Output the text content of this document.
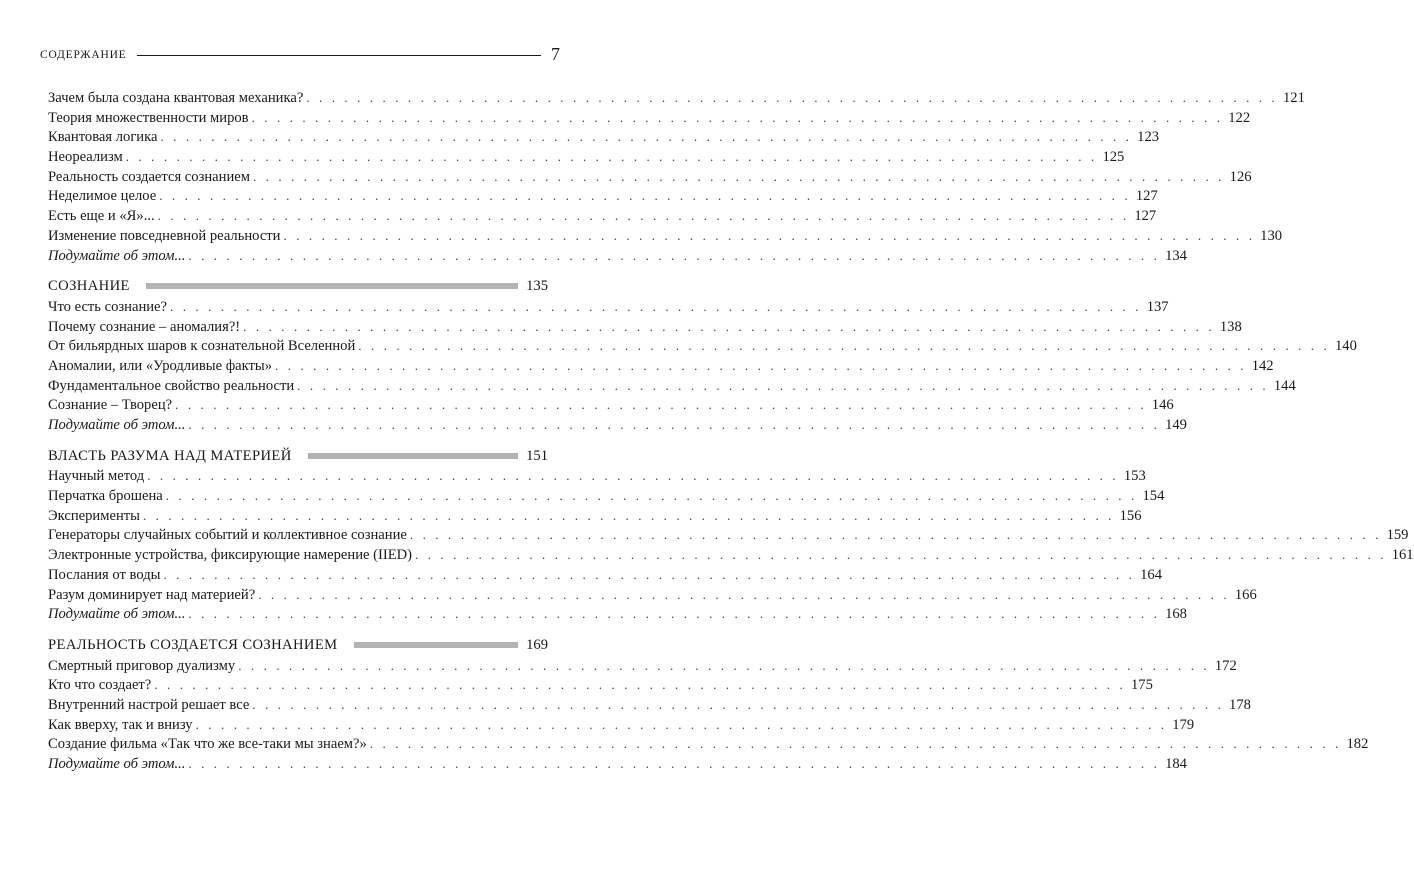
СОДЕРЖАНИЕ	7
Зачем была создана квантовая механика? . . . . . . . . . . . . . . . . . . . . . . . . . . . . . . . . . . . . . . . . . . . . . . . . . . . . . . . . . . . . . . . . . . . . . . . . . . . . . 121
Теория множественности миров . . . . . . . . . . . . . . . . . . . . . . . . . . . . . . . . . . . . . . . . . . . . . . . . . . . . . . . . . . . . . . . . . . . . . . . . . . . . . 122
Квантовая логика . . . . . . . . . . . . . . . . . . . . . . . . . . . . . . . . . . . . . . . . . . . . . . . . . . . . . . . . . . . . . . . . . . . . . . . . . . . . . 123
Неореализм . . . . . . . . . . . . . . . . . . . . . . . . . . . . . . . . . . . . . . . . . . . . . . . . . . . . . . . . . . . . . . . . . . . . . . . . . . . . . 125
Реальность создается сознанием . . . . . . . . . . . . . . . . . . . . . . . . . . . . . . . . . . . . . . . . . . . . . . . . . . . . . . . . . . . . . . . . . . . . . . . . . . . . . 126
Неделимое целое . . . . . . . . . . . . . . . . . . . . . . . . . . . . . . . . . . . . . . . . . . . . . . . . . . . . . . . . . . . . . . . . . . . . . . . . . . . . . 127
Есть еще и «Я»... . . . . . . . . . . . . . . . . . . . . . . . . . . . . . . . . . . . . . . . . . . . . . . . . . . . . . . . . . . . . . . . . . . . . . . . . . . . . . 127
Изменение повседневной реальности . . . . . . . . . . . . . . . . . . . . . . . . . . . . . . . . . . . . . . . . . . . . . . . . . . . . . . . . . . . . . . . . . . . . . . . . . . . . . 130
Подумайте об этом... . . . . . . . . . . . . . . . . . . . . . . . . . . . . . . . . . . . . . . . . . . . . . . . . . . . . . . . . . . . . . . . . . . . . . . . . . . . . . 134
СОЗНАНИЕ	135
Что есть сознание? . . . . . . . . . . . . . . . . . . . . . . . . . . . . . . . . . . . . . . . . . . . . . . . . . . . . . . . . . . . . . . . . . . . . . . . . . . . . . 137
Почему сознание – аномалия?! . . . . . . . . . . . . . . . . . . . . . . . . . . . . . . . . . . . . . . . . . . . . . . . . . . . . . . . . . . . . . . . . . . . . . . . . . . . . . 138
От бильярдных шаров к сознательной Вселенной . . . . . . . . . . . . . . . . . . . . . . . . . . . . . . . . . . . . . . . . . . . . . . . . . . . . . . . . . . . . . . . . . . . . . . . . . . . . . 140
Аномалии, или «Уродливые факты» . . . . . . . . . . . . . . . . . . . . . . . . . . . . . . . . . . . . . . . . . . . . . . . . . . . . . . . . . . . . . . . . . . . . . . . . . . . . . 142
Фундаментальное свойство реальности . . . . . . . . . . . . . . . . . . . . . . . . . . . . . . . . . . . . . . . . . . . . . . . . . . . . . . . . . . . . . . . . . . . . . . . . . . . . . 144
Сознание – Творец? . . . . . . . . . . . . . . . . . . . . . . . . . . . . . . . . . . . . . . . . . . . . . . . . . . . . . . . . . . . . . . . . . . . . . . . . . . . . . 146
Подумайте об этом... . . . . . . . . . . . . . . . . . . . . . . . . . . . . . . . . . . . . . . . . . . . . . . . . . . . . . . . . . . . . . . . . . . . . . . . . . . . . . 149
ВЛАСТЬ РАЗУМА НАД МАТЕРИЕЙ	151
Научный метод . . . . . . . . . . . . . . . . . . . . . . . . . . . . . . . . . . . . . . . . . . . . . . . . . . . . . . . . . . . . . . . . . . . . . . . . . . . . . 153
Перчатка брошена . . . . . . . . . . . . . . . . . . . . . . . . . . . . . . . . . . . . . . . . . . . . . . . . . . . . . . . . . . . . . . . . . . . . . . . . . . . . . 154
Эксперименты . . . . . . . . . . . . . . . . . . . . . . . . . . . . . . . . . . . . . . . . . . . . . . . . . . . . . . . . . . . . . . . . . . . . . . . . . . . . . 156
Генераторы случайных событий и коллективное сознание . . . . . . . . . . . . . . . . . . . . . . . . . . . . . . . . . . . . . . . . . . . . . . . . . . . . . . . . . . . . . . . . . . . . . . . . . . . . . 159
Электронные устройства, фиксирующие намерение (IIED) . . . . . . . . . . . . . . . . . . . . . . . . . . . . . . . . . . . . . . . . . . . . . . . . . . . . . . . . . . . . . . . . . . . . . . . . . . . . . 161
Послания от воды . . . . . . . . . . . . . . . . . . . . . . . . . . . . . . . . . . . . . . . . . . . . . . . . . . . . . . . . . . . . . . . . . . . . . . . . . . . . . 164
Разум доминирует над материей? . . . . . . . . . . . . . . . . . . . . . . . . . . . . . . . . . . . . . . . . . . . . . . . . . . . . . . . . . . . . . . . . . . . . . . . . . . . . . 166
Подумайте об этом... . . . . . . . . . . . . . . . . . . . . . . . . . . . . . . . . . . . . . . . . . . . . . . . . . . . . . . . . . . . . . . . . . . . . . . . . . . . . . 168
РЕАЛЬНОСТЬ СОЗДАЕТСЯ СОЗНАНИЕМ	169
Смертный приговор дуализму . . . . . . . . . . . . . . . . . . . . . . . . . . . . . . . . . . . . . . . . . . . . . . . . . . . . . . . . . . . . . . . . . . . . . . . . . . . . . 172
Кто что создает? . . . . . . . . . . . . . . . . . . . . . . . . . . . . . . . . . . . . . . . . . . . . . . . . . . . . . . . . . . . . . . . . . . . . . . . . . . . . . 175
Внутренний настрой решает все . . . . . . . . . . . . . . . . . . . . . . . . . . . . . . . . . . . . . . . . . . . . . . . . . . . . . . . . . . . . . . . . . . . . . . . . . . . . . 178
Как вверху, так и внизу . . . . . . . . . . . . . . . . . . . . . . . . . . . . . . . . . . . . . . . . . . . . . . . . . . . . . . . . . . . . . . . . . . . . . . . . . . . . . 179
Создание фильма «Так что же все-таки мы знаем?» . . . . . . . . . . . . . . . . . . . . . . . . . . . . . . . . . . . . . . . . . . . . . . . . . . . . . . . . . . . . . . . . . . . . . . . . . . . . . 182
Подумайте об этом... . . . . . . . . . . . . . . . . . . . . . . . . . . . . . . . . . . . . . . . . . . . . . . . . . . . . . . . . . . . . . . . . . . . . . . . . . . . . . 184
